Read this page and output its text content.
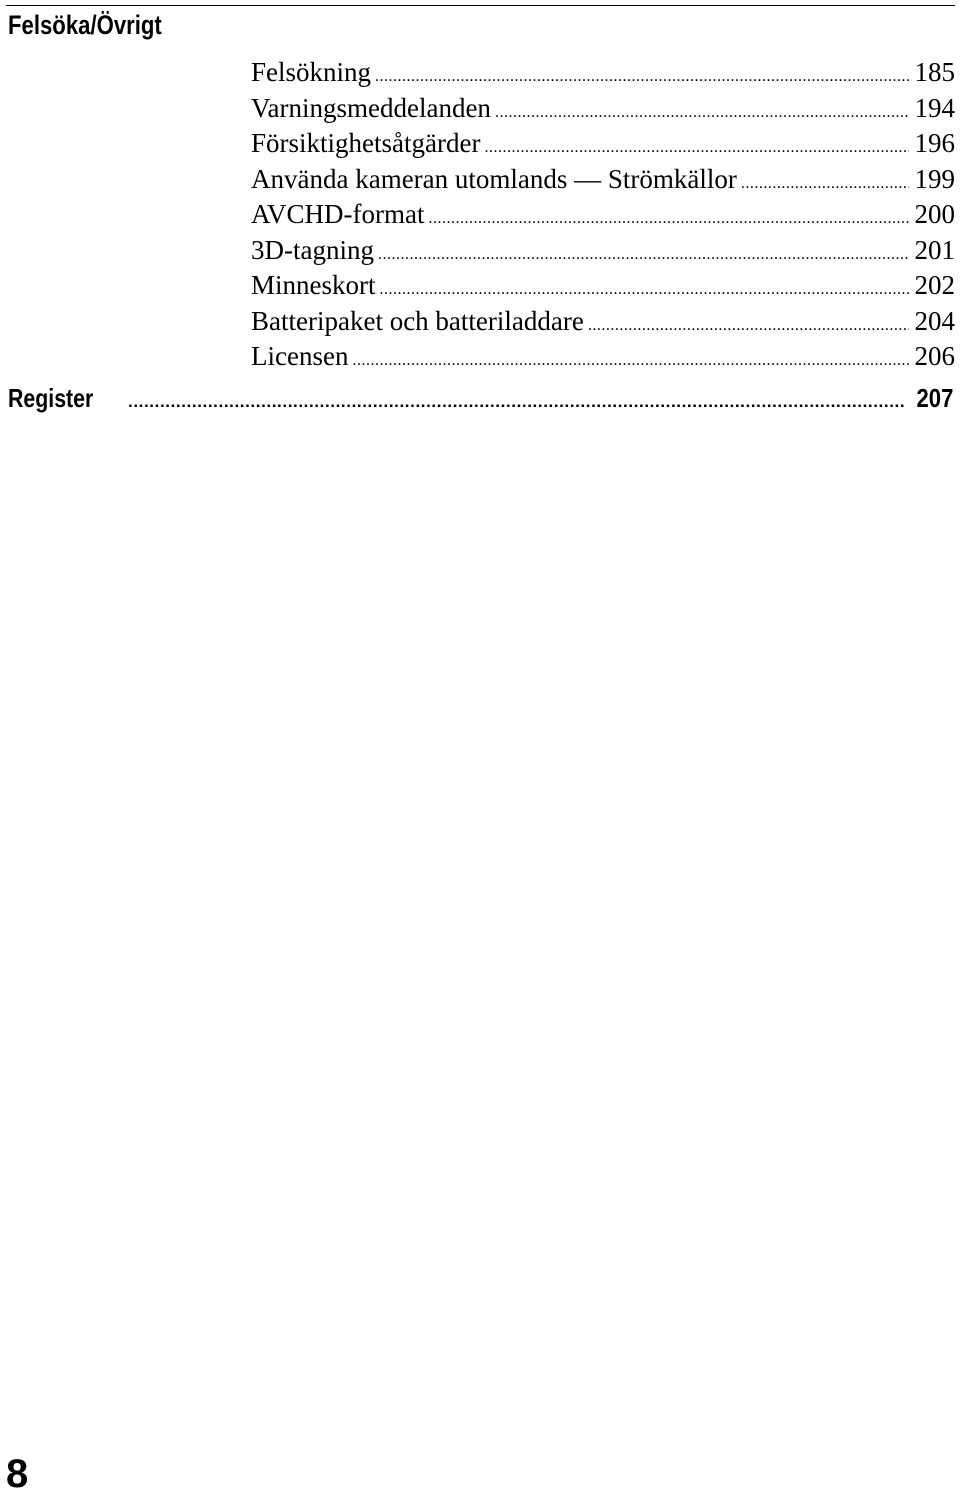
Felsöka/Övrigt
Felsökning .....	185
Varningsmeddelanden .....	194
Försiktighetsåtgärder .....	196
Använda kameran utomlands — Strömkällor .....	199
AVCHD-format .....	200
3D-tagning .....	201
Minneskort .....	202
Batteripaket och batteriladdare .....	204
Licensen .....	206
Register .....	207
8
